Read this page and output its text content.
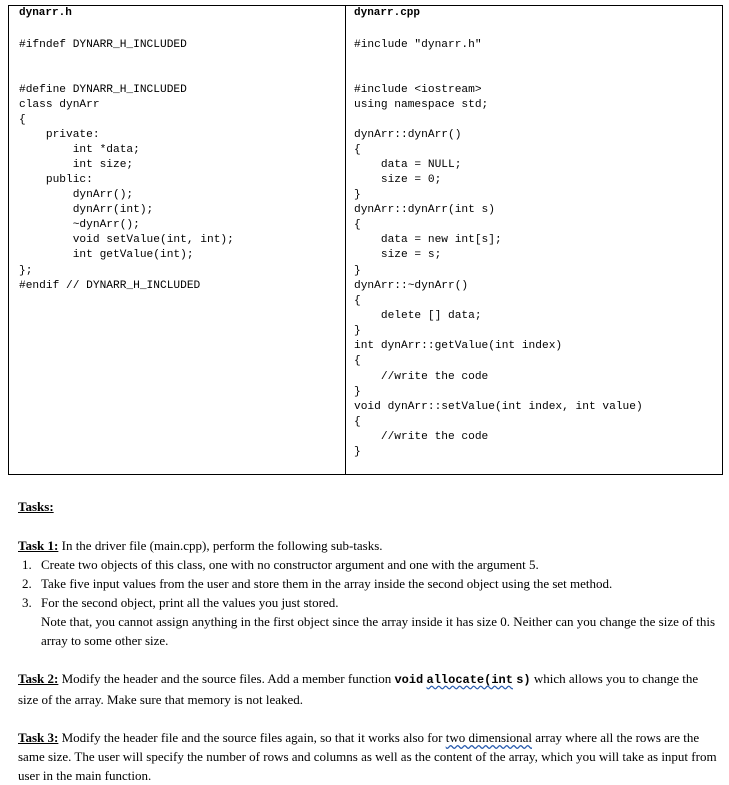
dynarr.h
#ifndef DYNARR_H_INCLUDED
#define DYNARR_H_INCLUDED
class dynArr
{
private:
int *data;
int size;
public:
dynArr();
dynArr(int);
~dynArr();
void setValue(int, int);
int getValue(int);
};
#endif // DYNARR_H_INCLUDED
dynarr.cpp
#include "dynarr.h"
#include <iostream>
using namespace std;
dynArr::dynArr()
{
data = NULL;
size = 0;
}
dynArr::dynArr(int s)
{
data = new int[s];
size = s;
}
dynArr::~dynArr()
{
delete [] data;
}
int dynArr::getValue(int index)
{
//write the code
}
void dynArr::setValue(int index, int value)
{
//write the code
}
Tasks:

Task 1: In the driver file (main.cpp), perform the following sub-tasks.

1. Create two objects of this class, one with no constructor argument and one with the argument 5.
2. Take five input values from the user and store them in the array inside the second object using the set method.
3. For the second object, print all the values you just stored.

Note that, you cannot assign anything in the first object since the array inside it has size 0. Neither can you change the size of this array to some other size.

Task 2: Modify the header and the source files. Add a member function void allocate(int s) which allows you to change the size of the array. Make sure that memory is not leaked.

Task 3: Modify the header file and the source files again, so that it works also for two dimensional array where all the rows are the same size. The user will specify the number of rows and columns as well as the content of the array, which you will take as input from user in the main function.
